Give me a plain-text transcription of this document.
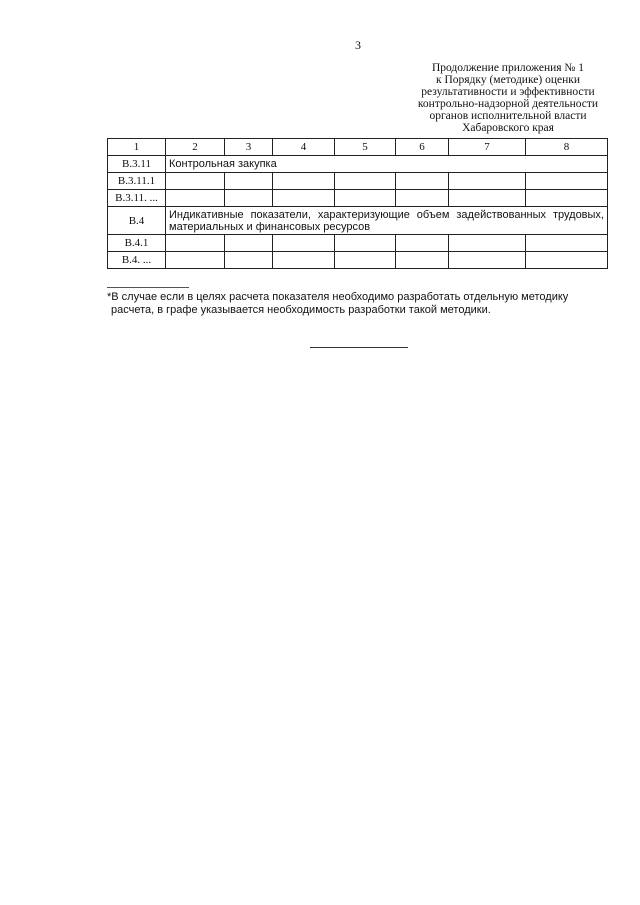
3
Продолжение приложения № 1
к Порядку (методике) оценки
результативности и эффективности
контрольно-надзорной деятельности
органов исполнительной власти
Хабаровского края
1	2	3	4	5	6	7	8
В.3.11	Контрольная закупка						
В.3.11.1							
В.3.11. ...							
В.4	Индикативные показатели, характеризующие объем задействованных трудовых, материальных и финансовых ресурсов						
В.4.1							
В.4. ...							
*В случае если в целях расчета показателя необходимо разработать отдельную методику
расчета, в графе указывается необходимость разработки такой методики.
